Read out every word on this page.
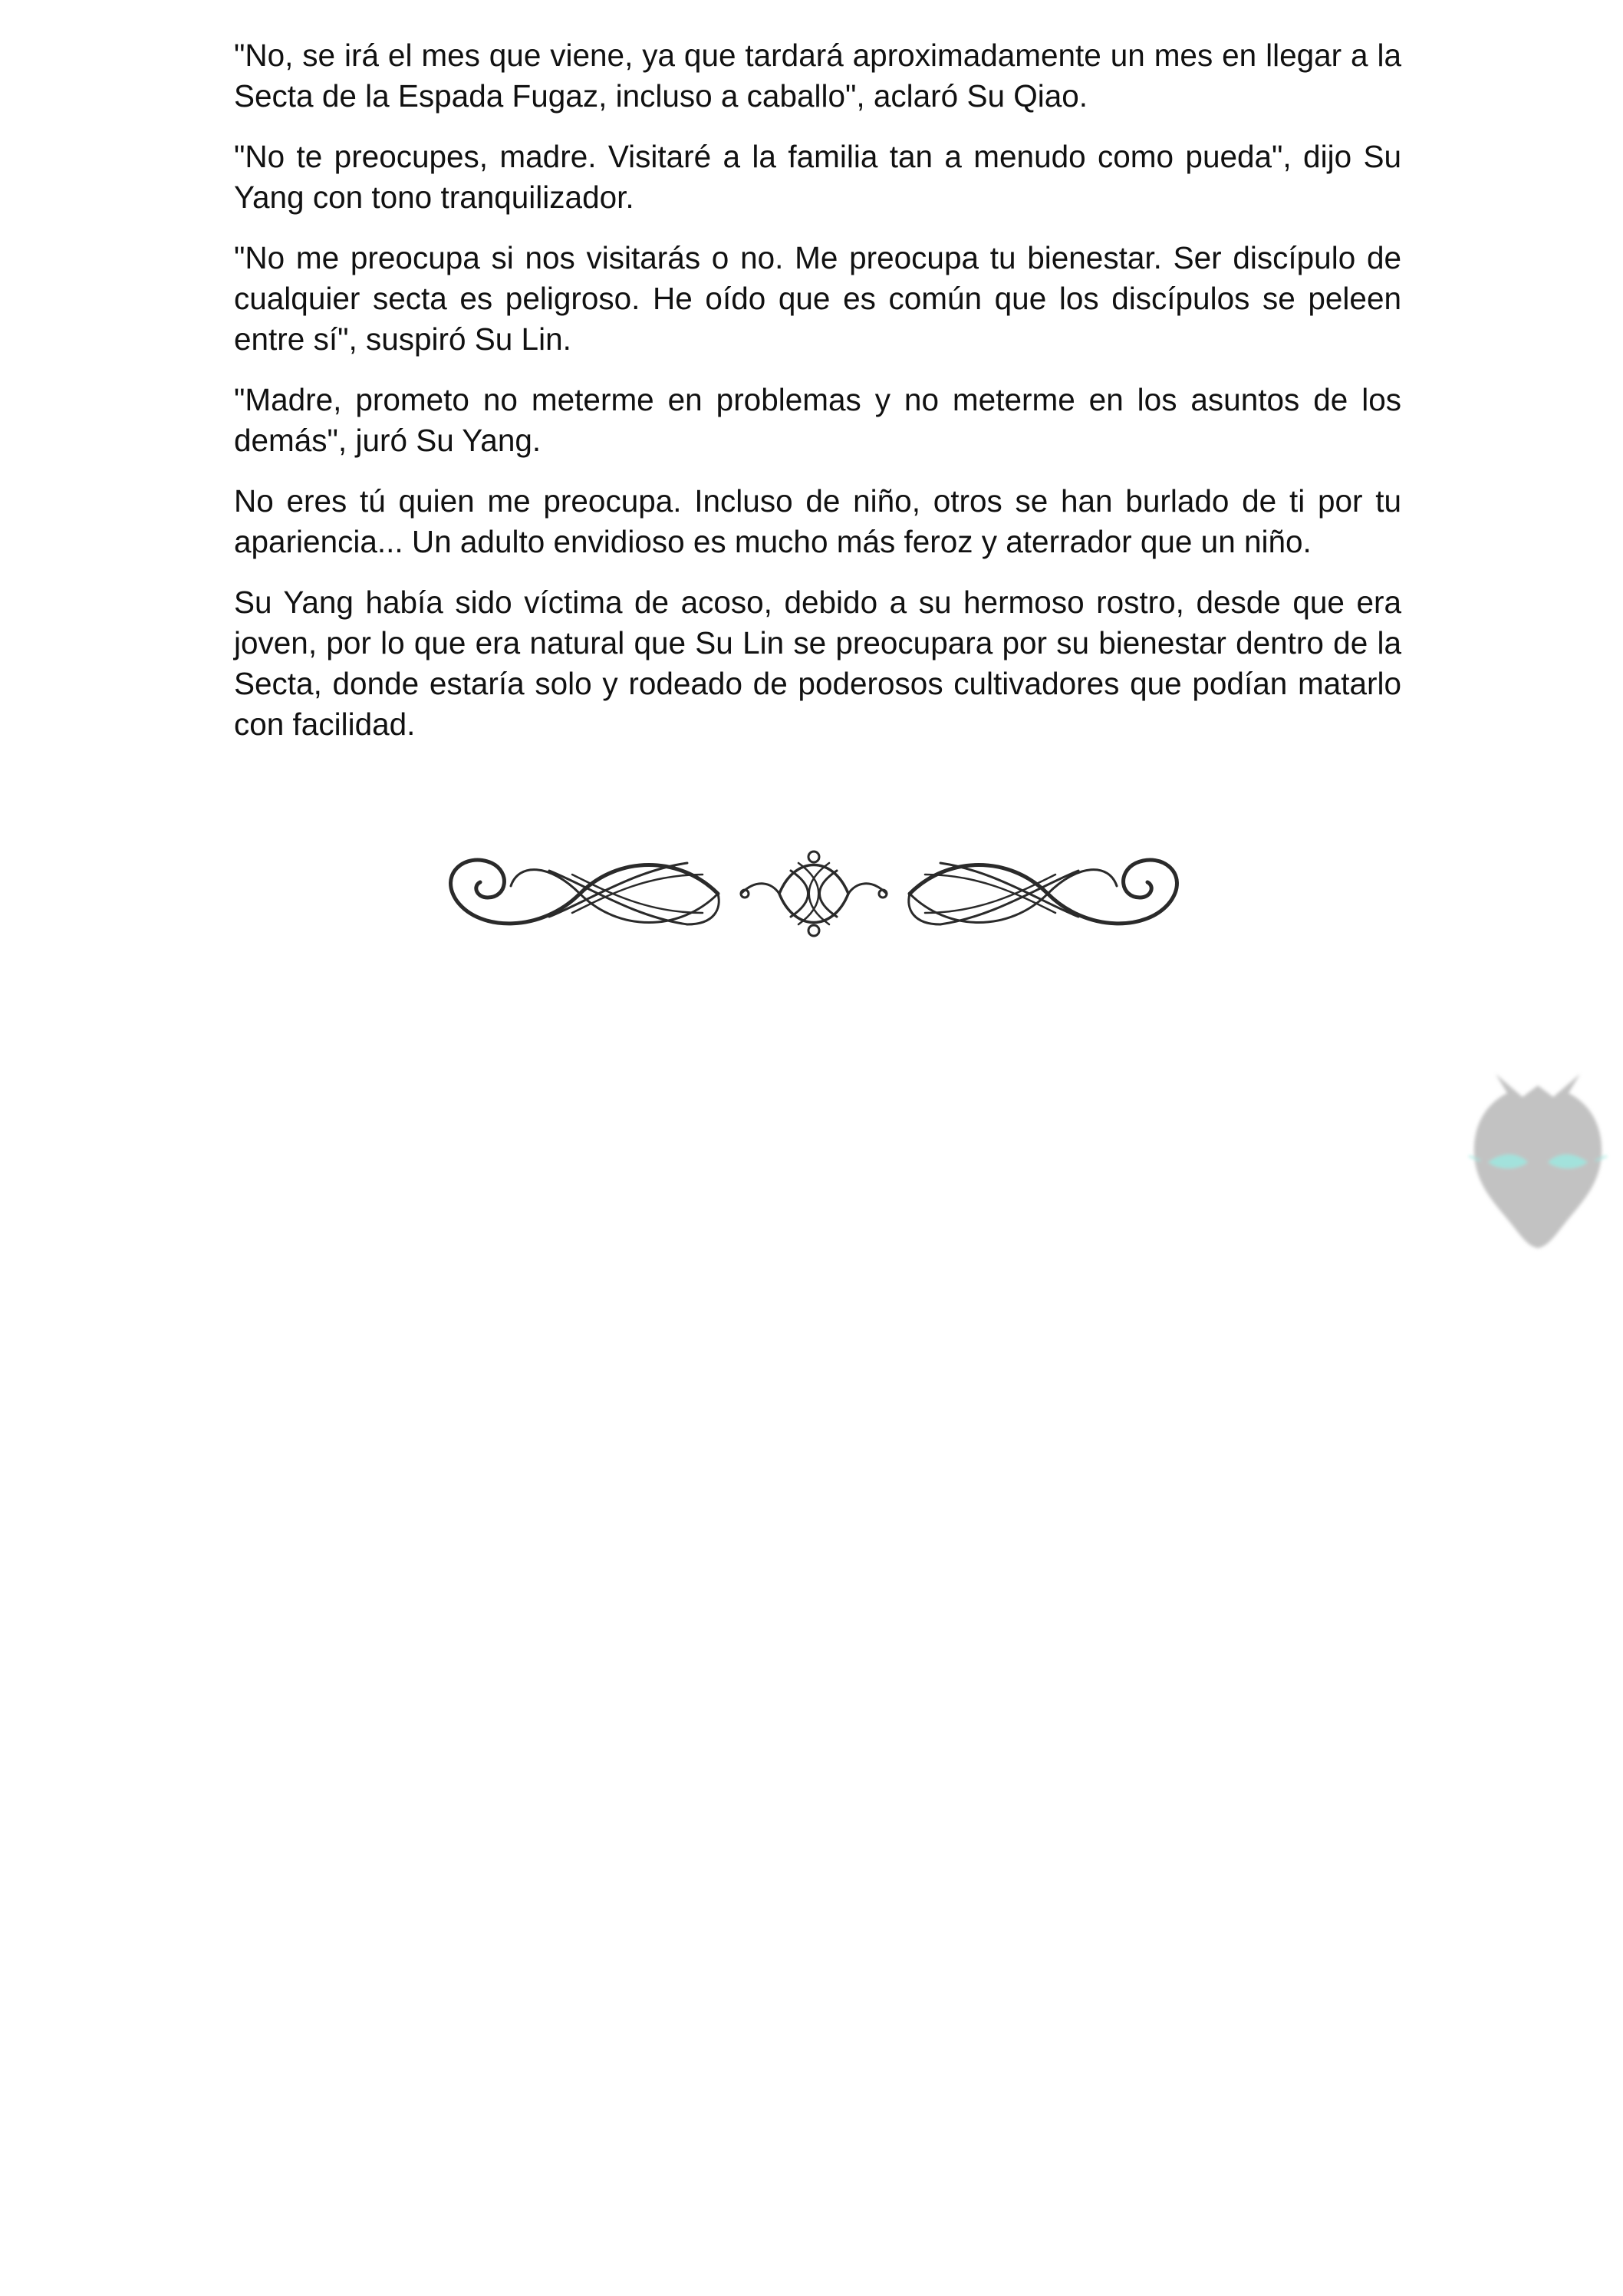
"No, se irá el mes que viene, ya que tardará aproximadamente un mes en llegar a la Secta de la Espada Fugaz, incluso a caballo", aclaró Su Qiao.

"No te preocupes, madre. Visitaré a la familia tan a menudo como pueda", dijo Su Yang con tono tranquilizador.

"No me preocupa si nos visitarás o no. Me preocupa tu bienestar. Ser discípulo de cualquier secta es peligroso. He oído que es común que los discípulos se peleen entre sí", suspiró Su Lin.

"Madre, prometo no meterme en problemas y no meterme en los asuntos de los demás", juró Su Yang.

No eres tú quien me preocupa. Incluso de niño, otros se han burlado de ti por tu apariencia... Un adulto envidioso es mucho más feroz y aterrador que un niño.

Su Yang había sido víctima de acoso, debido a su hermoso rostro, desde que era joven, por lo que era natural que Su Lin se preocupara por su bienestar dentro de la Secta, donde estaría solo y rodeado de poderosos cultivadores que podían matarlo con facilidad.
